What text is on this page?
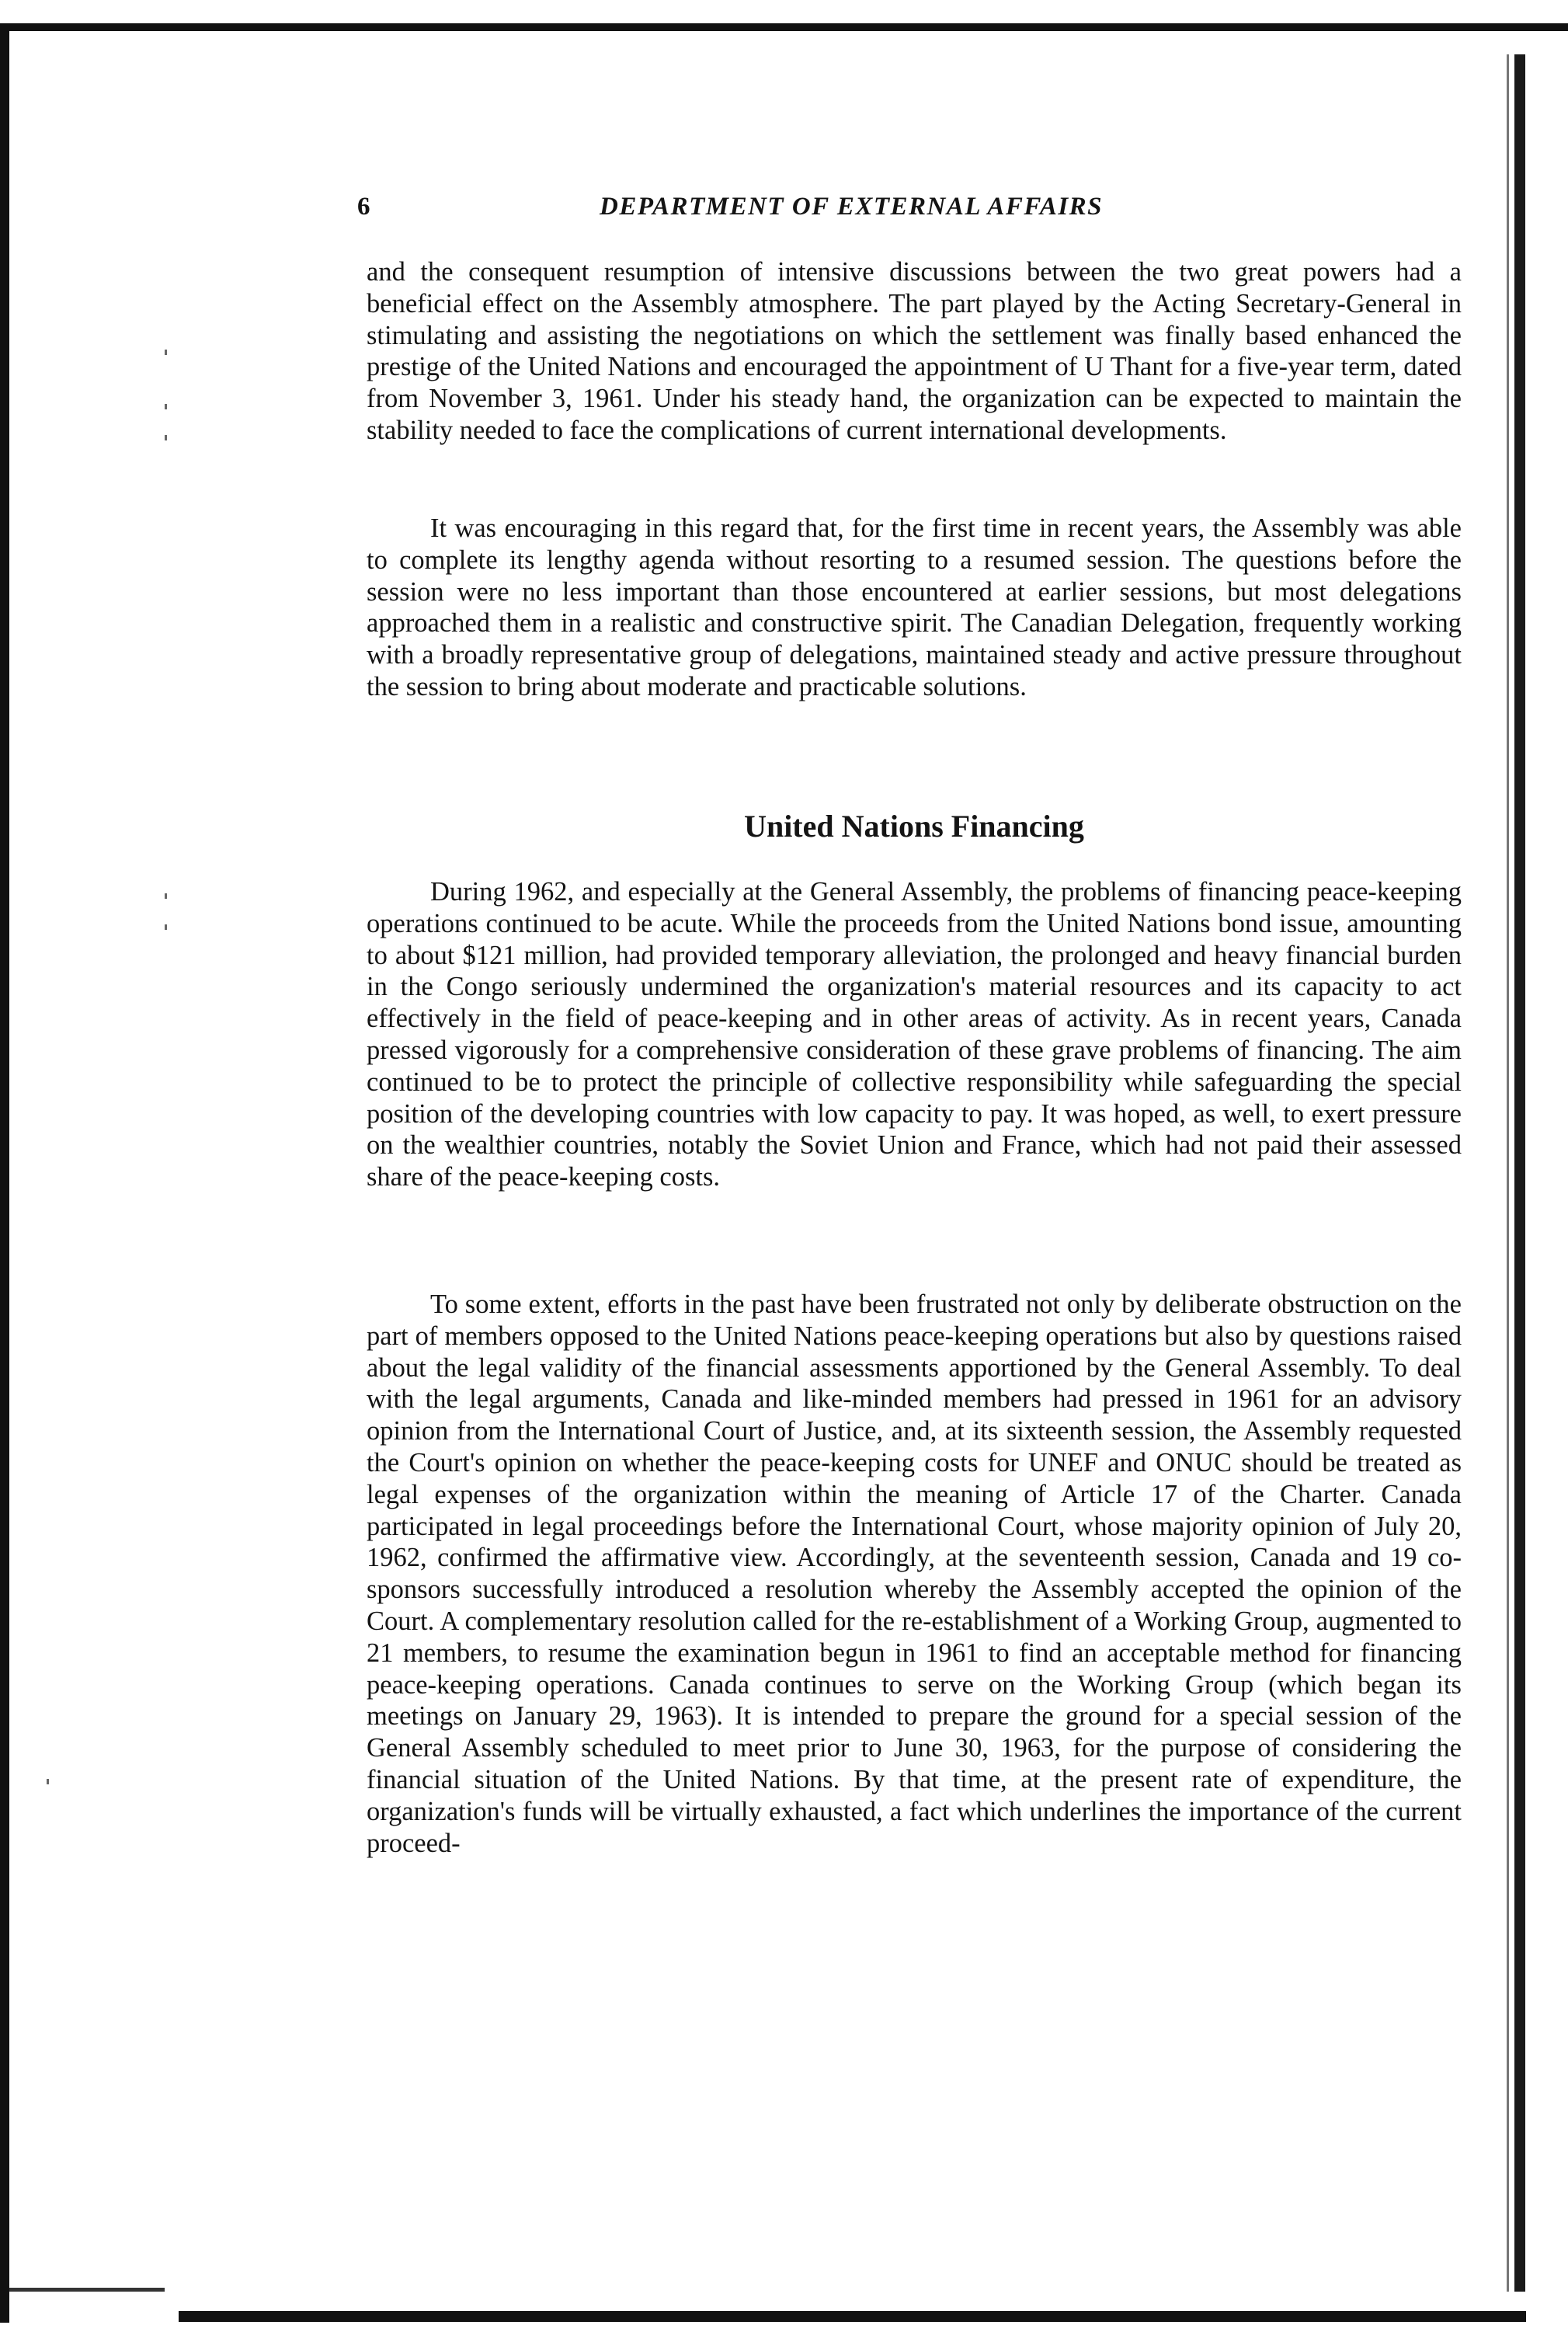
6	DEPARTMENT OF EXTERNAL AFFAIRS

and the consequent resumption of intensive discussions between the two great powers had a beneficial effect on the Assembly atmosphere. The part played by the Acting Secretary-General in stimulating and assisting the negotiations on which the settlement was finally based enhanced the prestige of the United Nations and encouraged the appointment of U Thant for a five-year term, dated from November 3, 1961. Under his steady hand, the organization can be expected to maintain the stability needed to face the complications of current international developments.

It was encouraging in this regard that, for the first time in recent years, the Assembly was able to complete its lengthy agenda without resorting to a resumed session. The questions before the session were no less important than those encountered at earlier sessions, but most delegations approached them in a realistic and constructive spirit. The Canadian Delegation, frequently working with a broadly representative group of delegations, maintained steady and active pressure throughout the session to bring about moderate and practicable solutions.

United Nations Financing

During 1962, and especially at the General Assembly, the problems of financing peace-keeping operations continued to be acute. While the proceeds from the United Nations bond issue, amounting to about $121 million, had provided temporary alleviation, the prolonged and heavy financial burden in the Congo seriously undermined the organization's material resources and its capacity to act effectively in the field of peace-keeping and in other areas of activity. As in recent years, Canada pressed vigorously for a comprehensive consideration of these grave problems of financing. The aim continued to be to protect the principle of collective responsibility while safeguarding the special position of the developing countries with low capacity to pay. It was hoped, as well, to exert pressure on the wealthier countries, notably the Soviet Union and France, which had not paid their assessed share of the peace-keeping costs.

To some extent, efforts in the past have been frustrated not only by deliberate obstruction on the part of members opposed to the United Nations peace-keeping operations but also by questions raised about the legal validity of the financial assessments apportioned by the General Assembly. To deal with the legal arguments, Canada and like-minded members had pressed in 1961 for an advisory opinion from the International Court of Justice, and, at its sixteenth session, the Assembly requested the Court's opinion on whether the peace-keeping costs for UNEF and ONUC should be treated as legal expenses of the organization within the meaning of Article 17 of the Charter. Canada participated in legal proceedings before the International Court, whose majority opinion of July 20, 1962, confirmed the affirmative view. Accordingly, at the seventeenth session, Canada and 19 co-sponsors successfully introduced a resolution whereby the Assembly accepted the opinion of the Court. A complementary resolution called for the re-establishment of a Working Group, augmented to 21 members, to resume the examination begun in 1961 to find an acceptable method for financing peace-keeping operations. Canada continues to serve on the Working Group (which began its meetings on January 29, 1963). It is intended to prepare the ground for a special session of the General Assembly scheduled to meet prior to June 30, 1963, for the purpose of considering the financial situation of the United Nations. By that time, at the present rate of expenditure, the organization's funds will be virtually exhausted, a fact which underlines the importance of the current proceed-
